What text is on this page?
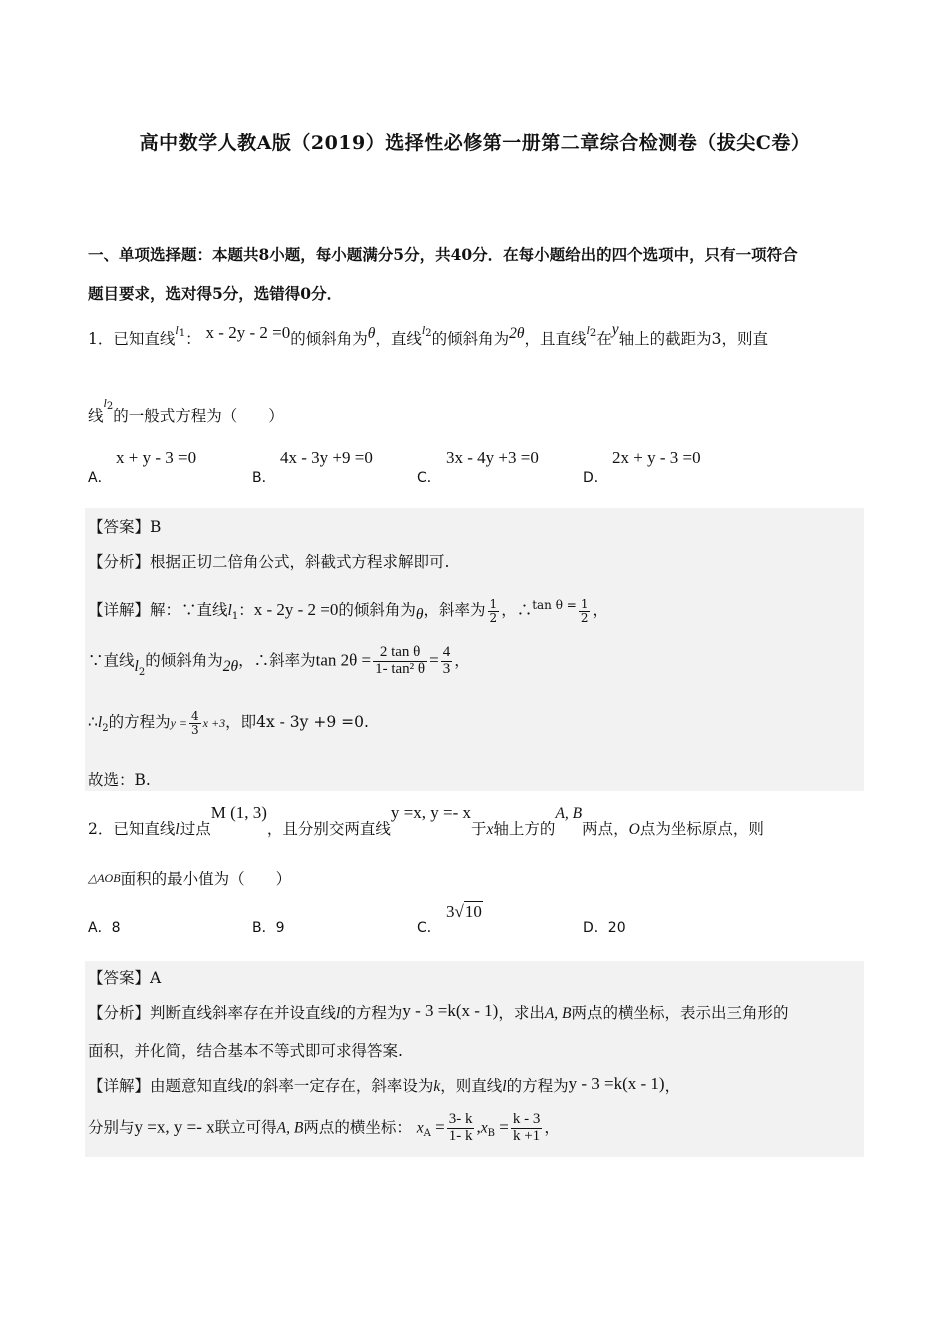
高中数学人教A版（2019）选择性必修第一册第二章综合检测卷（拔尖C卷）
一、单项选择题：本题共8小题，每小题满分5分，共40分．在每小题给出的四个选项中，只有一项符合
题目要求，选对得5分，选错得0分．
1．已知直线$^{l1}$： x - 2y - 2 =0的倾斜角为θ，直线$^{l2}$的倾斜角为2θ，且直线$^{l2}$在y轴上的截距为3，则直
线$^{l2}$的一般式方程为（　　）
A．
x + y - 3 =0
B．
4x - 3y +9 =0
C．
3x - 4y +3 =0
D．
2x + y - 3 =0
【答案】B
【分析】根据正切二倍角公式，斜截式方程求解即可.
【详解】解：∵直线$l_1$：x - 2y - 2 =0的倾斜角为θ，斜率为 $\frac{1}{2}$ ，∴$^{tan \theta =}$ $\frac{1}{2}$ ，
∵直线$l_2$的倾斜角为2θ，∴斜率为$\tan 2\theta = \frac{\text{2 tan θ}}{\text{1- tan² θ}} = \frac{4}{3}$ ，
$\therefore l_2$的方程为$y = \frac{4}{3}$ x +3，即4x - 3y +9 =0.
故选：B.
2．已知直线l过点M (1, 3)，且分别交两直线y =x, y =- x于x轴上方的A, B两点，O点为坐标原点，则
△AOB面积的最小值为（　　）
A．8	B．9	C．
3√10
D．20
【答案】A
【分析】判断直线斜率存在并设直线l的方程为y - 3 =k(x - 1)，求出A, B两点的横坐标，表示出三角形的
面积，并化简，结合基本不等式即可求得答案.
【详解】由题意知直线l的斜率一定存在，斜率设为k，则直线l的方程为y - 3 =k(x - 1)，
分别与y =x, y =- x联立可得A, B两点的横坐标： $x_A = \frac{3- k}{1- k} ,x_B = \frac{k - 3}{k +1}$ ，
